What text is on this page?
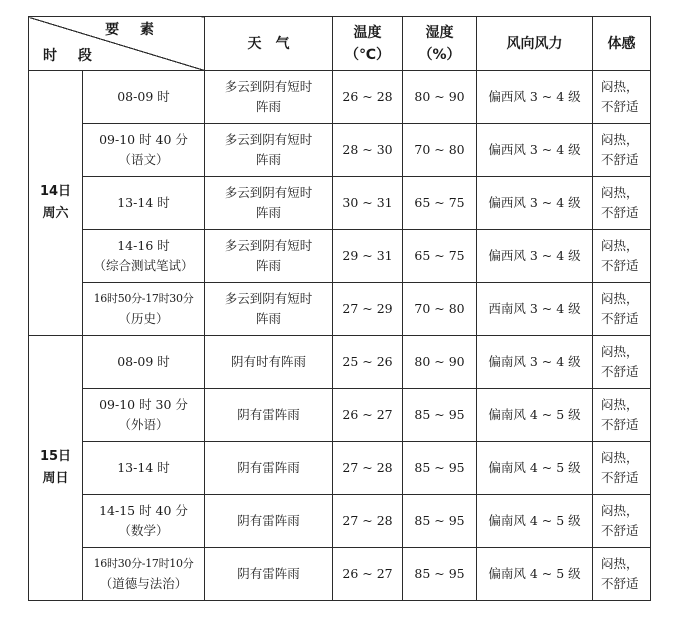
要 素
时 段		天　气	温度
（℃）	湿度
（%）	风向风力	体感

14日
周六	08-09 时	多云到阴有短时
阵雨	26 ~ 28	80 ~ 90	偏西风 3 ~ 4 级	闷热，
不舒适

	09-10 时 40 分
（语文）	多云到阴有短时
阵雨	28 ~ 30	70 ~ 80	偏西风 3 ~ 4 级	闷热，
不舒适

	13-14 时	多云到阴有短时
阵雨	30 ~ 31	65 ~ 75	偏西风 3 ~ 4 级	闷热，
不舒适

	14-16 时
（综合测试笔试）	多云到阴有短时
阵雨	29 ~ 31	65 ~ 75	偏西风 3 ~ 4 级	闷热，
不舒适

	16时50分-17时30分
（历史）	多云到阴有短时
阵雨	27 ~ 29	70 ~ 80	西南风 3 ~ 4 级	闷热，
不舒适

15日
周日	08-09 时	阴有时有阵雨	25 ~ 26	80 ~ 90	偏南风 3 ~ 4 级	闷热，
不舒适

	09-10 时 30 分
（外语）	阴有雷阵雨	26 ~ 27	85 ~ 95	偏南风 4 ~ 5 级	闷热，
不舒适

	13-14 时	阴有雷阵雨	27 ~ 28	85 ~ 95	偏南风 4 ~ 5 级	闷热，
不舒适

	14-15 时 40 分
（数学）	阴有雷阵雨	27 ~ 28	85 ~ 95	偏南风 4 ~ 5 级	闷热，
不舒适

	16时30分-17时10分
（道德与法治）	阴有雷阵雨	26 ~ 27	85 ~ 95	偏南风 4 ~ 5 级	闷热，
不舒适
